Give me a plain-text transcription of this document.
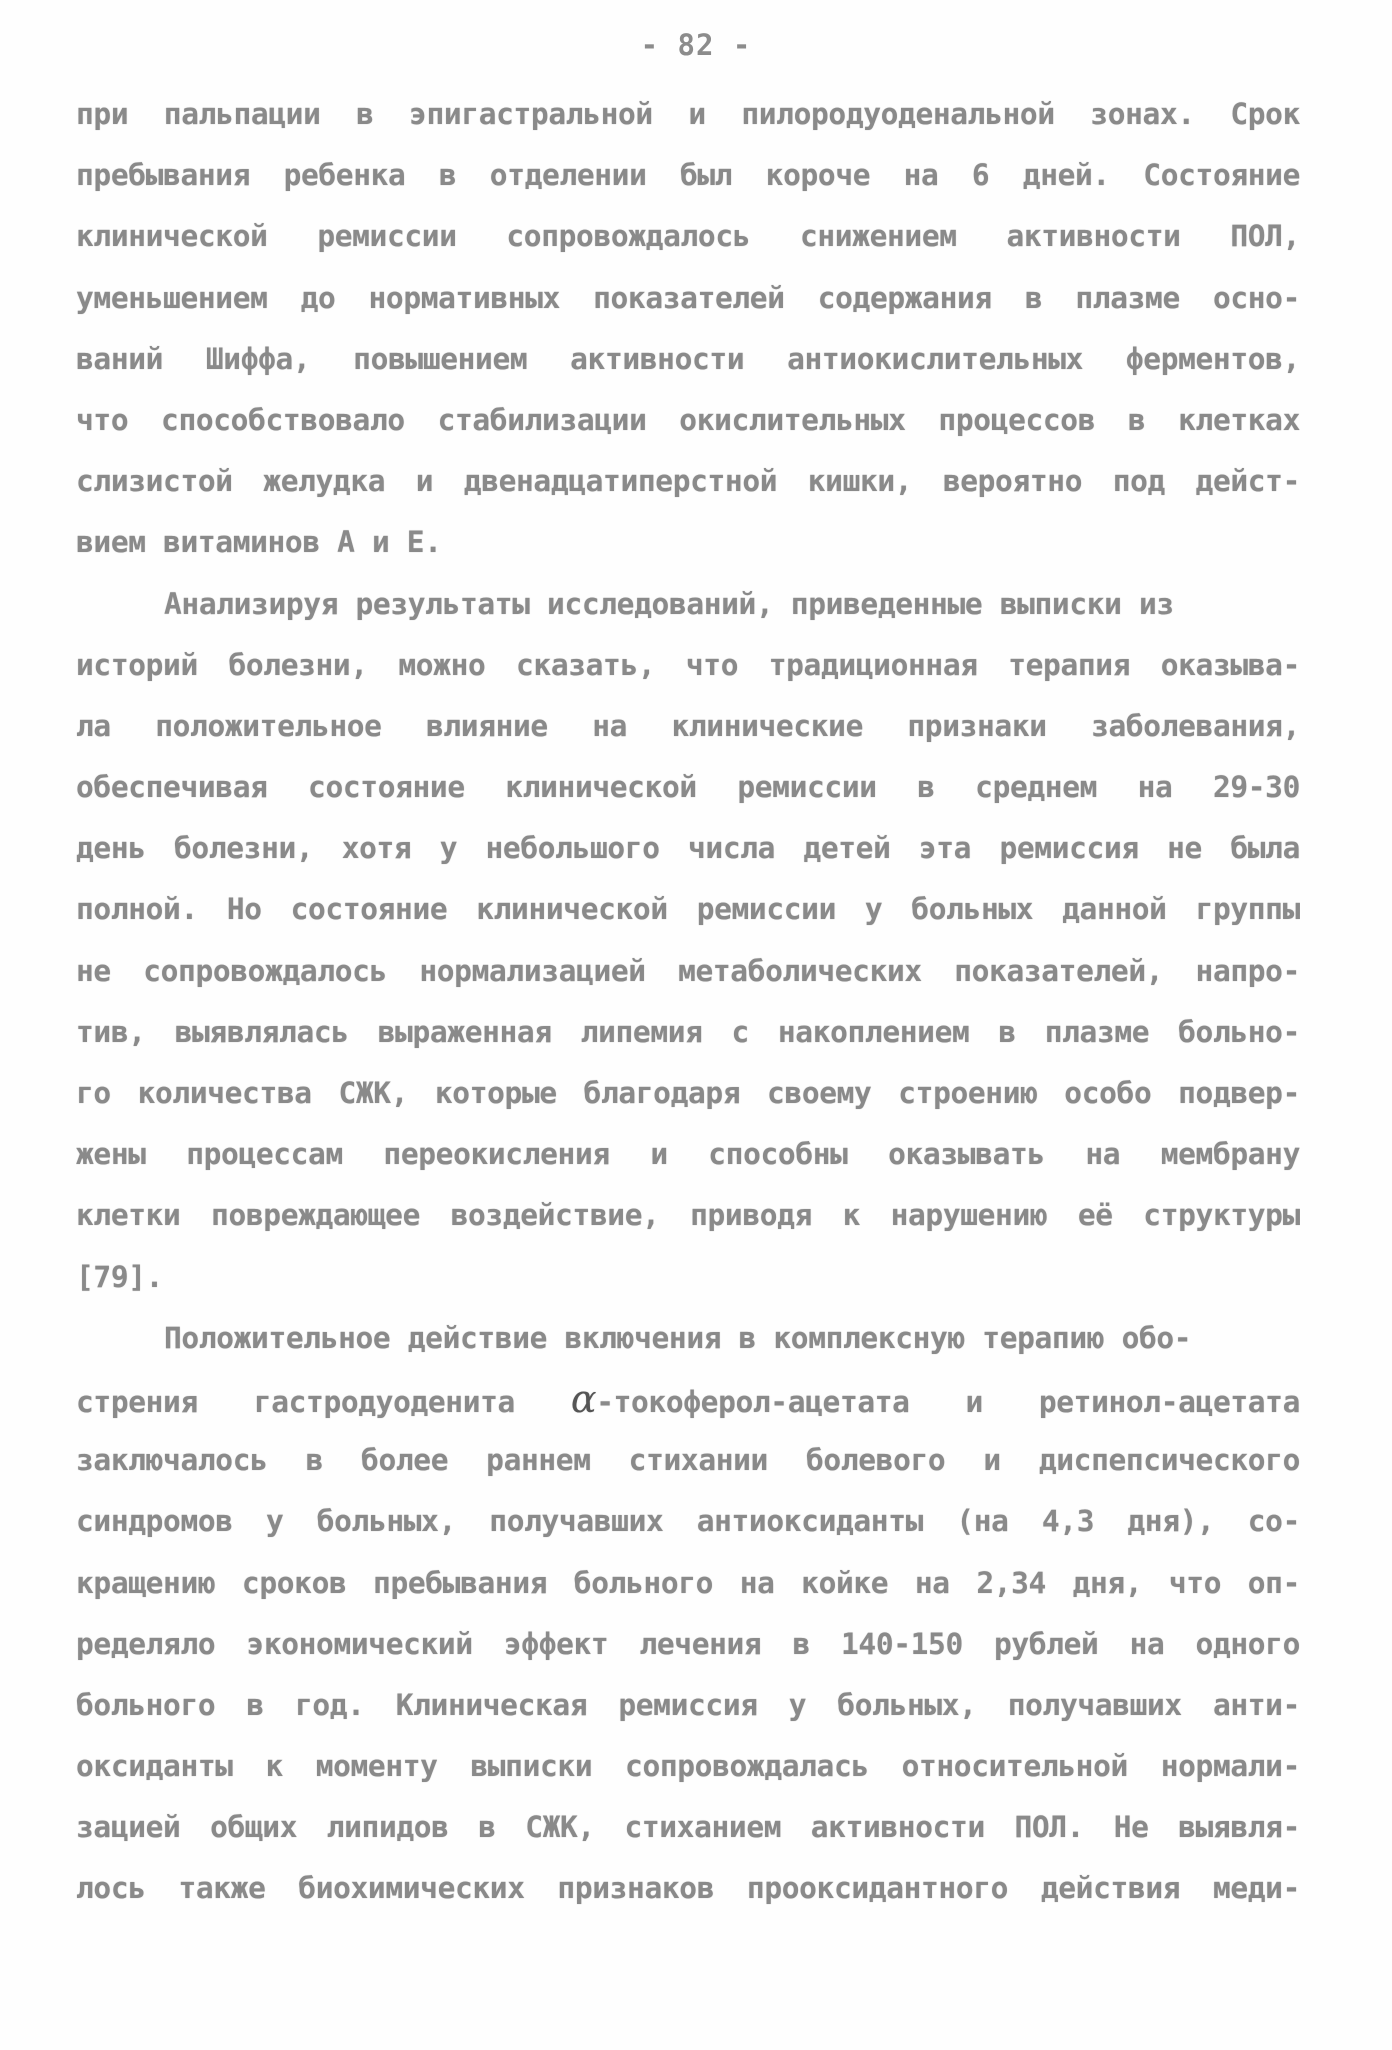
- 82 -
при пальпации в эпигастральной и пилородуоденальной зонах. Срок
пребывания ребенка в отделении был короче на 6 дней. Состояние
клинической ремиссии сопровождалось снижением активности ПОЛ,
уменьшением до нормативных показателей содержания в плазме осно-
ваний Шиффа, повышением активности антиокислительных ферментов,
что способствовало стабилизации окислительных процессов в клетках
слизистой желудка и двенадцатиперстной кишки, вероятно под дейст-
вием витаминов А и Е.
Анализируя результаты исследований, приведенные выписки из
историй болезни, можно сказать, что традиционная терапия оказыва-
ла положительное влияние на клинические признаки заболевания,
обеспечивая состояние клинической ремиссии в среднем на 29-30
день болезни, хотя у небольшого числа детей эта ремиссия не была
полной. Но состояние клинической ремиссии у больных данной группы
не сопровождалось нормализацией метаболических показателей, напро-
тив, выявлялась выраженная липемия с накоплением в плазме больно-
го количества СЖК, которые благодаря своему строению особо подвер-
жены процессам переокисления и способны оказывать на мембрану
клетки повреждающее воздействие, приводя к нарушению её структуры
[79].
Положительное действие включения в комплексную терапию обо-
стрения гастродуоденита α-токоферол-ацетата и ретинол-ацетата
заключалось в более раннем стихании болевого и диспепсического
синдромов у больных, получавших антиоксиданты (на 4,3 дня), со-
кращению сроков пребывания больного на койке на 2,34 дня, что оп-
ределяло экономический эффект лечения в 140-150 рублей на одного
больного в год. Клиническая ремиссия у больных, получавших анти-
оксиданты к моменту выписки сопровождалась относительной нормали-
зацией общих липидов в СЖК, стиханием активности ПОЛ. Не выявля-
лось также биохимических признаков прооксидантного действия меди-
